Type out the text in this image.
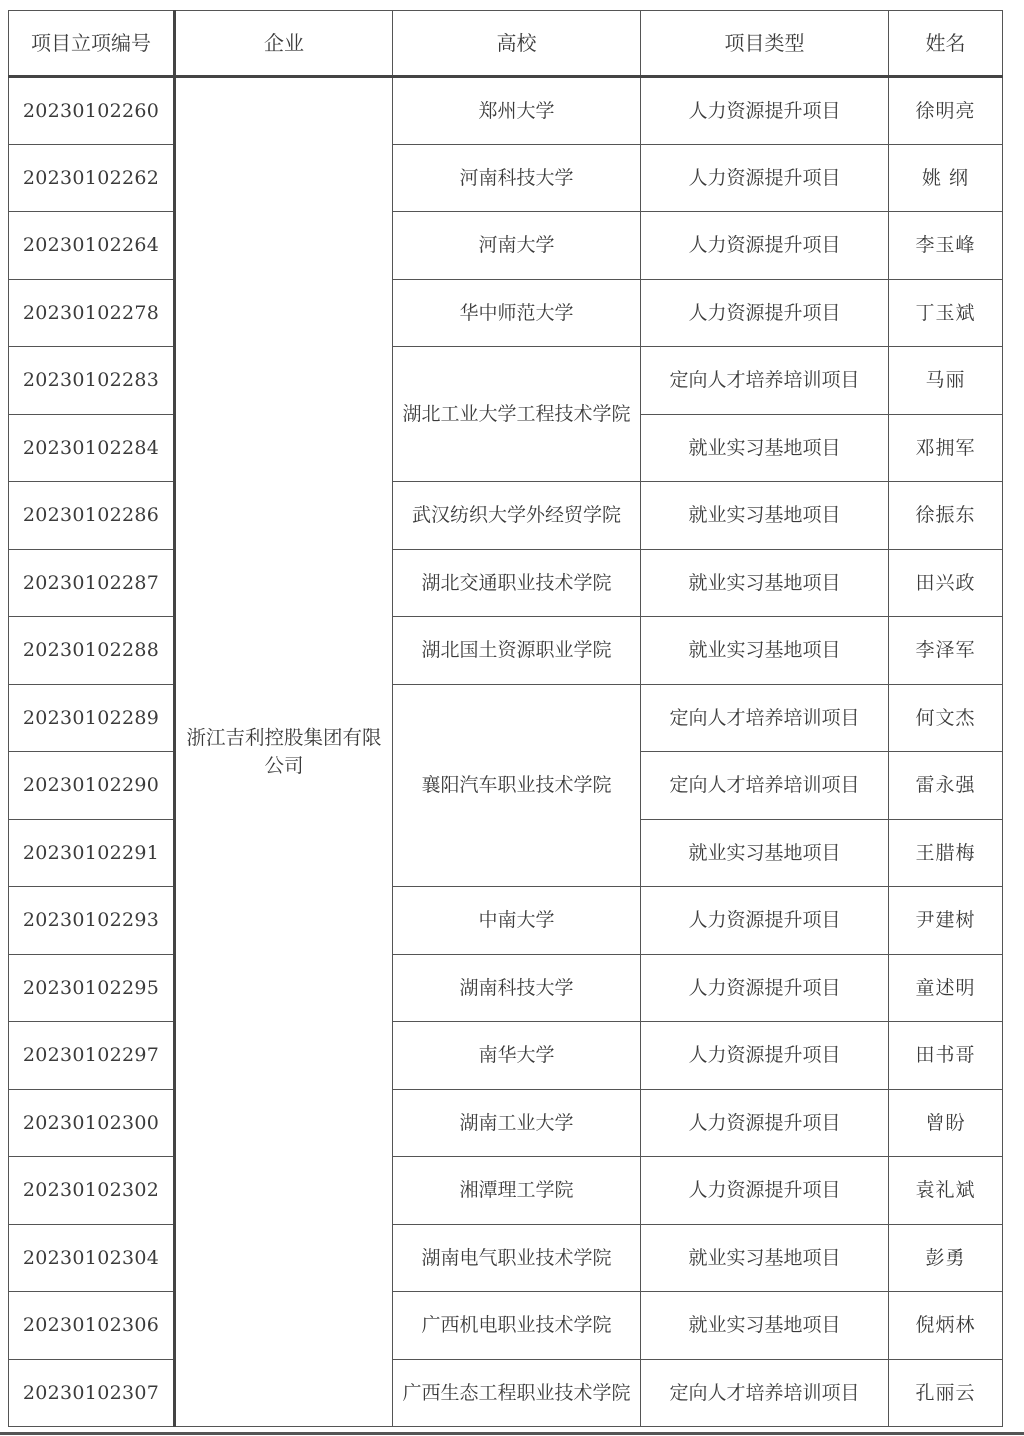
项目立项编号	企业	高校	项目类型	姓名
20230102260	浙江吉利控股集团有限公司	郑州大学	人力资源提升项目	徐明亮
20230102262		河南科技大学	人力资源提升项目	姚 纲
20230102264		河南大学	人力资源提升项目	李玉峰
20230102278		华中师范大学	人力资源提升项目	丁玉斌
20230102283		湖北工业大学工程技术学院	定向人才培养培训项目	马丽
20230102284			就业实习基地项目	邓拥军
20230102286		武汉纺织大学外经贸学院	就业实习基地项目	徐振东
20230102287		湖北交通职业技术学院	就业实习基地项目	田兴政
20230102288		湖北国土资源职业学院	就业实习基地项目	李泽军
20230102289		襄阳汽车职业技术学院	定向人才培养培训项目	何文杰
20230102290			定向人才培养培训项目	雷永强
20230102291			就业实习基地项目	王腊梅
20230102293		中南大学	人力资源提升项目	尹建树
20230102295		湖南科技大学	人力资源提升项目	童述明
20230102297		南华大学	人力资源提升项目	田书哥
20230102300		湖南工业大学	人力资源提升项目	曾盼
20230102302		湘潭理工学院	人力资源提升项目	袁礼斌
20230102304		湖南电气职业技术学院	就业实习基地项目	彭勇
20230102306		广西机电职业技术学院	就业实习基地项目	倪炳林
20230102307		广西生态工程职业技术学院	定向人才培养培训项目	孔丽云
